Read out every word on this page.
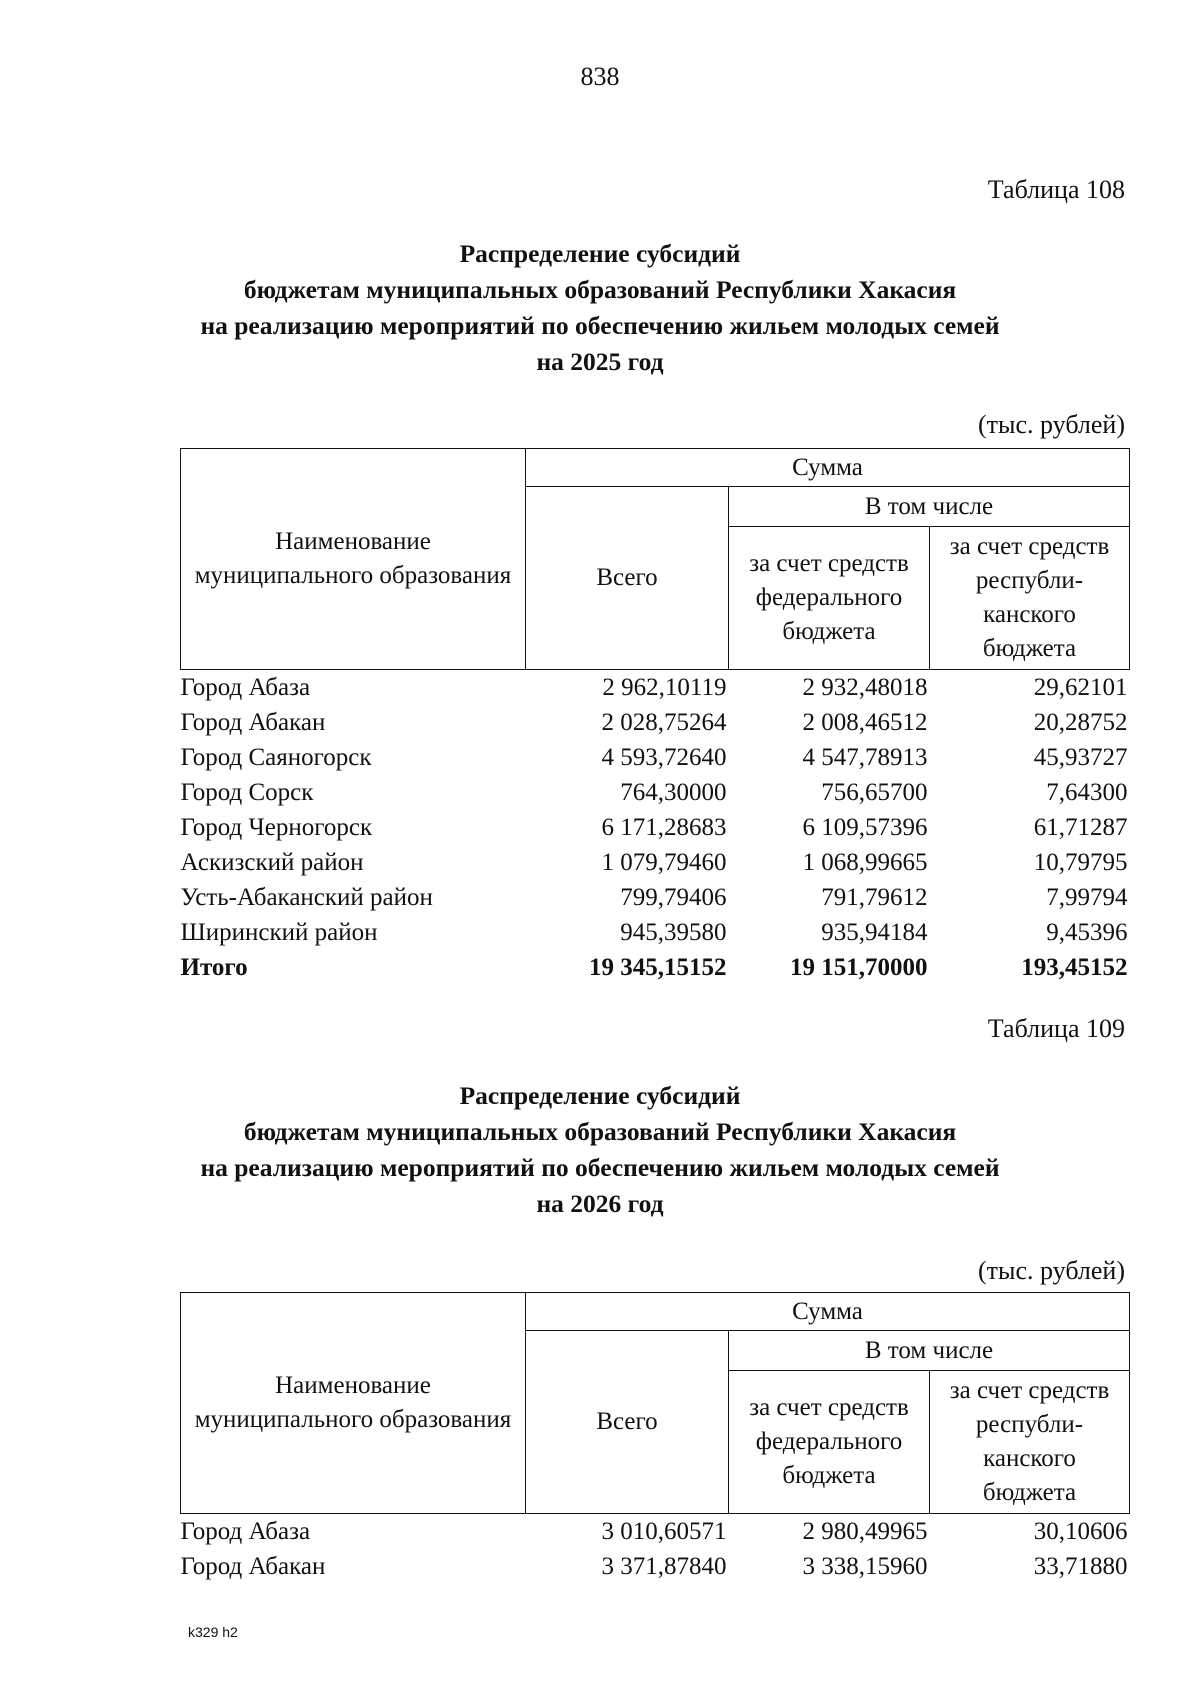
838
Таблица 108
Распределение субсидий
бюджетам муниципальных образований Республики Хакасия
на реализацию мероприятий по обеспечению жильем молодых семей
на 2025 год
(тыс. рублей)
Наименование муниципального образования	Сумма		
	Всего	В том числе	
		за счет средств федерального бюджета	за счет средств республи- канского бюджета
Город Абаза	2 962,10119	2 932,48018	29,62101
Город Абакан	2 028,75264	2 008,46512	20,28752
Город Саяногорск	4 593,72640	4 547,78913	45,93727
Город Сорск	764,30000	756,65700	7,64300
Город Черногорск	6 171,28683	6 109,57396	61,71287
Аскизский район	1 079,79460	1 068,99665	10,79795
Усть-Абаканский район	799,79406	791,79612	7,99794
Ширинский район	945,39580	935,94184	9,45396
Итого	19 345,15152	19 151,70000	193,45152
Таблица 109
Распределение субсидий
бюджетам муниципальных образований Республики Хакасия
на реализацию мероприятий по обеспечению жильем молодых семей
на 2026 год
(тыс. рублей)
Наименование муниципального образования	Сумма		
	Всего	В том числе	
		за счет средств федерального бюджета	за счет средств республи- канского бюджета
Город Абаза	3 010,60571	2 980,49965	30,10606
Город Абакан	3 371,87840	3 338,15960	33,71880
k329 h2
